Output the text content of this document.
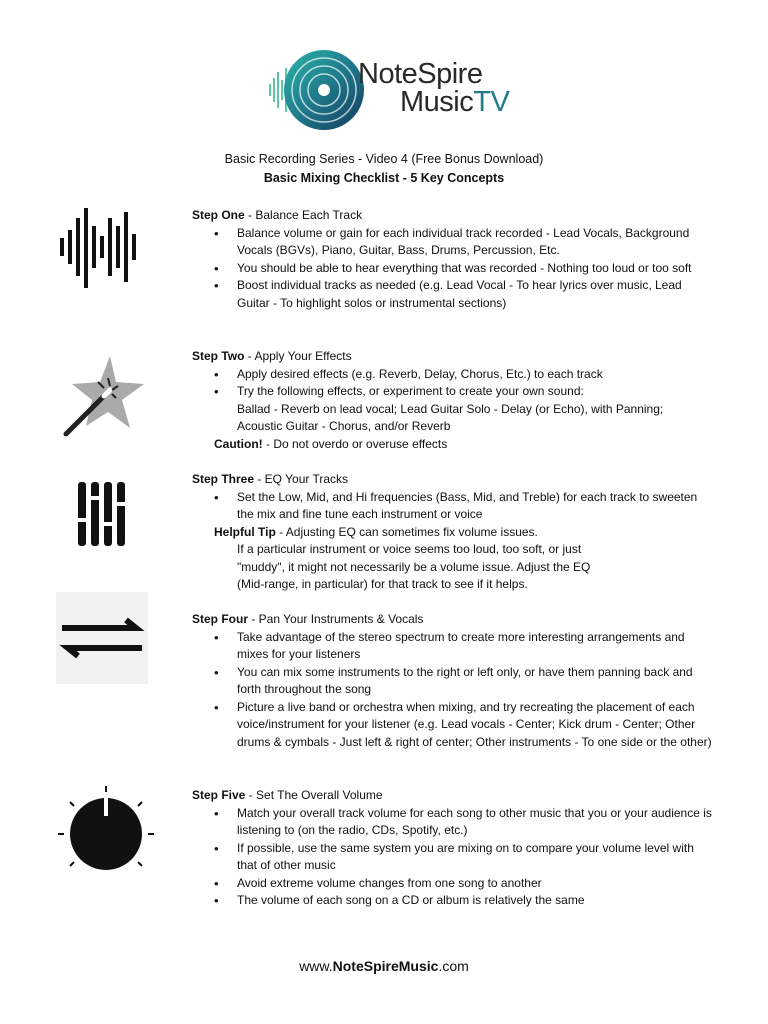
NoteSpire
MusicTV
Basic Recording Series - Video 4 (Free Bonus Download)
Basic Mixing Checklist - 5 Key Concepts
Step One - Balance Each Track
• Balance volume or gain for each individual track recorded - Lead Vocals, Background Vocals (BGVs), Piano, Guitar, Bass, Drums, Percussion, Etc.
• You should be able to hear everything that was recorded - Nothing too loud or too soft
• Boost individual tracks as needed (e.g. Lead Vocal - To hear lyrics over music, Lead Guitar - To highlight solos or instrumental sections)
Step Two - Apply Your Effects
• Apply desired effects (e.g. Reverb, Delay, Chorus, Etc.) to each track
• Try the following effects, or experiment to create your own sound:
Ballad - Reverb on lead vocal; Lead Guitar Solo - Delay (or Echo), with Panning;
Acoustic Guitar - Chorus, and/or Reverb
Caution! - Do not overdo or overuse effects
Step Three - EQ Your Tracks
• Set the Low, Mid, and Hi frequencies (Bass, Mid, and Treble) for each track to sweeten the mix and fine tune each instrument or voice
Helpful Tip - Adjusting EQ can sometimes fix volume issues.
If a particular instrument or voice seems too loud, too soft, or just
"muddy", it might not necessarily be a volume issue. Adjust the EQ
(Mid-range, in particular) for that track to see if it helps.
Step Four - Pan Your Instruments & Vocals
• Take advantage of the stereo spectrum to create more interesting arrangements and mixes for your listeners
• You can mix some instruments to the right or left only, or have them panning back and forth throughout the song
• Picture a live band or orchestra when mixing, and try recreating the placement of each voice/instrument for your listener (e.g. Lead vocals - Center; Kick drum - Center; Other drums & cymbals - Just left & right of center; Other instruments - To one side or the other)
Step Five - Set The Overall Volume
• Match your overall track volume for each song to other music that you or your audience is listening to (on the radio, CDs, Spotify, etc.)
• If possible, use the same system you are mixing on to compare your volume level with that of other music
• Avoid extreme volume changes from one song to another
• The volume of each song on a CD or album is relatively the same
www.NoteSpireMusic.com
